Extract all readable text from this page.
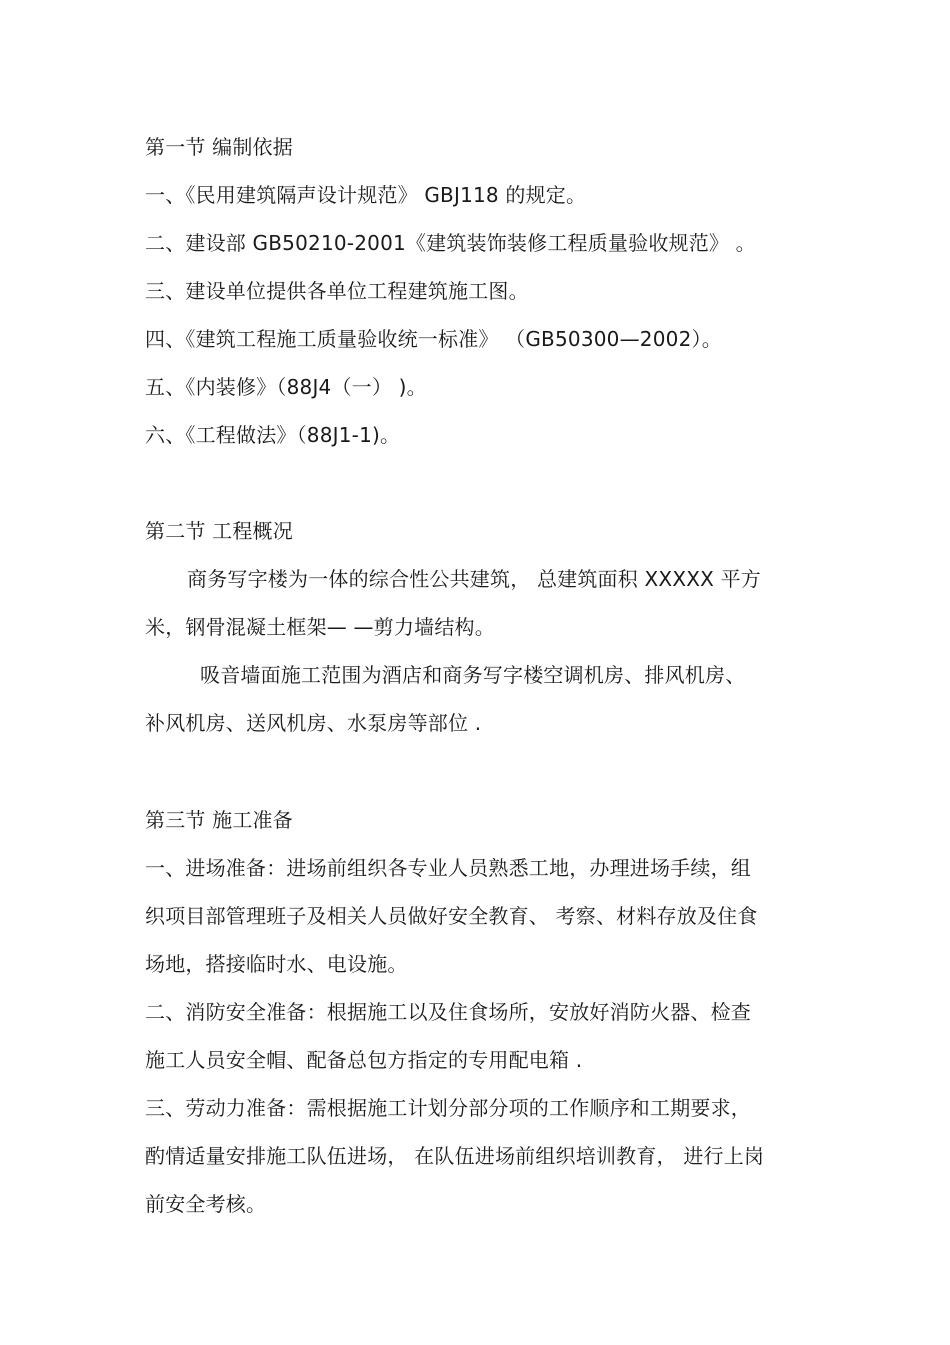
第一节 编制依据
一、《民用建筑隔声设计规范》 GBJ118 的规定。
二、建设部 GB50210-2001《建筑装饰装修工程质量验收规范》 。
三、建设单位提供各单位工程建筑施工图。
四、《建筑工程施工质量验收统一标准》 （GB50300—2002）。
五、《内装修》（88J4（一） )。
六、《工程做法》（88J1-1)。
第二节 工程概况
商务写字楼为一体的综合性公共建筑， 总建筑面积 XXXXX 平方
米，钢骨混凝土框架— —剪力墙结构。
吸音墙面施工范围为酒店和商务写字楼空调机房、排风机房、
补风机房、送风机房、水泵房等部位 .
第三节 施工准备
一、进场准备：进场前组织各专业人员熟悉工地，办理进场手续，组
织项目部管理班子及相关人员做好安全教育、 考察、材料存放及住食
场地，搭接临时水、电设施。
二、消防安全准备：根据施工以及住食场所，安放好消防火器、检查
施工人员安全帽、配备总包方指定的专用配电箱 .
三、劳动力准备：需根据施工计划分部分项的工作顺序和工期要求，
酌情适量安排施工队伍进场， 在队伍进场前组织培训教育， 进行上岗
前安全考核。
